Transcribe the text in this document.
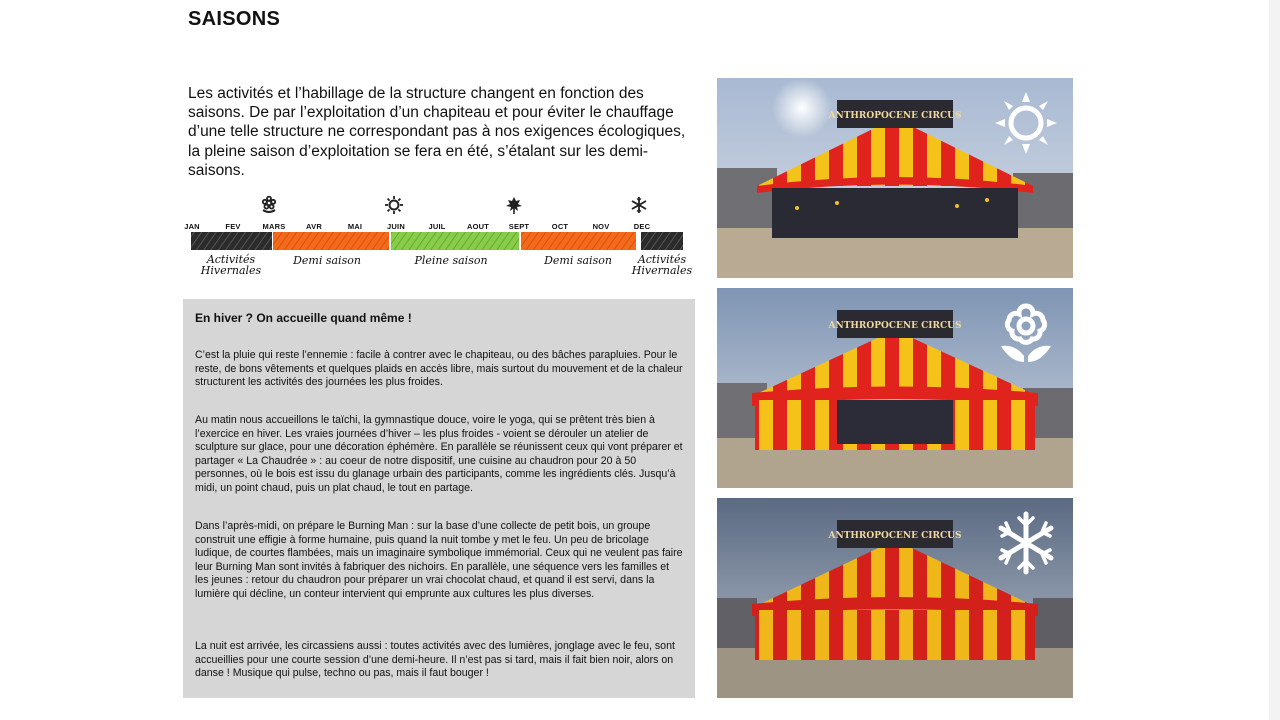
SAISONS
Les activités et l’habillage de la structure changent en fonction des saisons. De par l’exploitation d’un chapiteau et pour éviter le chauffage d’une telle structure ne correspondant pas à nos exigences écologiques, la pleine saison d’exploitation se fera en été, s’étalant sur les demi-saisons.
JAN	FEV	MARS	AVR	MAI	JUIN	JUIL	AOUT	SEPT	OCT	NOV	DEC
Activités
Hivernales
Demi saison	Pleine saison	Demi saison	Activités
Hivernales
En hiver ? On accueille quand même !
C’est la pluie qui reste l’ennemie : facile à contrer avec le chapiteau, ou des bâches parapluies. Pour le reste, de bons vêtements et quelques plaids en accès libre, mais surtout du mouvement et de la chaleur structurent les activités des journées les plus froides.
Au matin nous accueillons le taïchi, la gymnastique douce, voire le yoga, qui se prêtent très bien à l’exercice en hiver. Les vraies journées d’hiver – les plus froides - voient se dérouler un atelier de sculpture sur glace, pour une décoration éphémère. En parallèle se réunissent ceux qui vont préparer et partager « La Chaudrée » : au coeur de notre dispositif, une cuisine au chaudron pour 20 à 50 personnes, où le bois est issu du glanage urbain des participants, comme les ingrédients clés. Jusqu’à midi, un point chaud, puis un plat chaud, le tout en partage.
Dans l’après-midi, on prépare le Burning Man : sur la base d’une collecte de petit bois, un groupe construit une effigie à forme humaine, puis quand la nuit tombe y met le feu. Un peu de bricolage ludique, de courtes flambées, mais un imaginaire symbolique immémorial. Ceux qui ne veulent pas faire leur Burning Man sont invités à fabriquer des nichoirs. En parallèle, une séquence vers les familles et les jeunes : retour du chaudron pour préparer un vrai chocolat chaud, et quand il est servi, dans la lumière qui décline, un conteur intervient qui emprunte aux cultures les plus diverses.
La nuit est arrivée, les circassiens aussi : toutes activités avec des lumières, jonglage avec le feu, sont accueillies pour une courte session d’une demi-heure. Il n’est pas si tard, mais il fait bien noir, alors on danse ! Musique qui pulse, techno ou pas, mais il faut bouger !
ANTHROPOCENE CIRCUS
ANTHROPOCENE CIRCUS
ANTHROPOCENE CIRCUS
